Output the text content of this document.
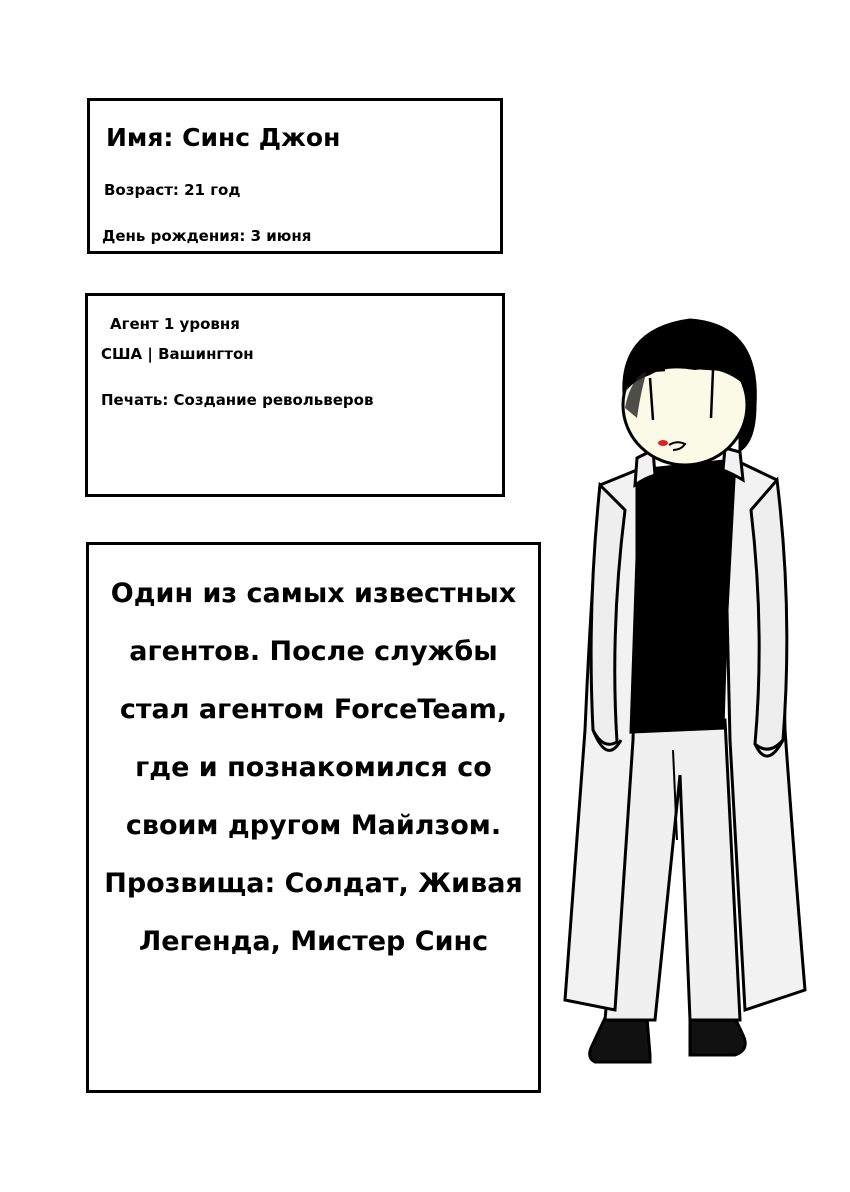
Имя: Синс Джон
Возраст: 21 год
День рождения: 3 июня
Агент 1 уровня
США | Вашингтон
Печать: Создание револьверов
Один из самых известных
агентов. После службы
стал агентом ForceTeam,
где и познакомился со
своим другом Майлзом.
Прозвища: Солдат, Живая
Легенда, Мистер Синс
